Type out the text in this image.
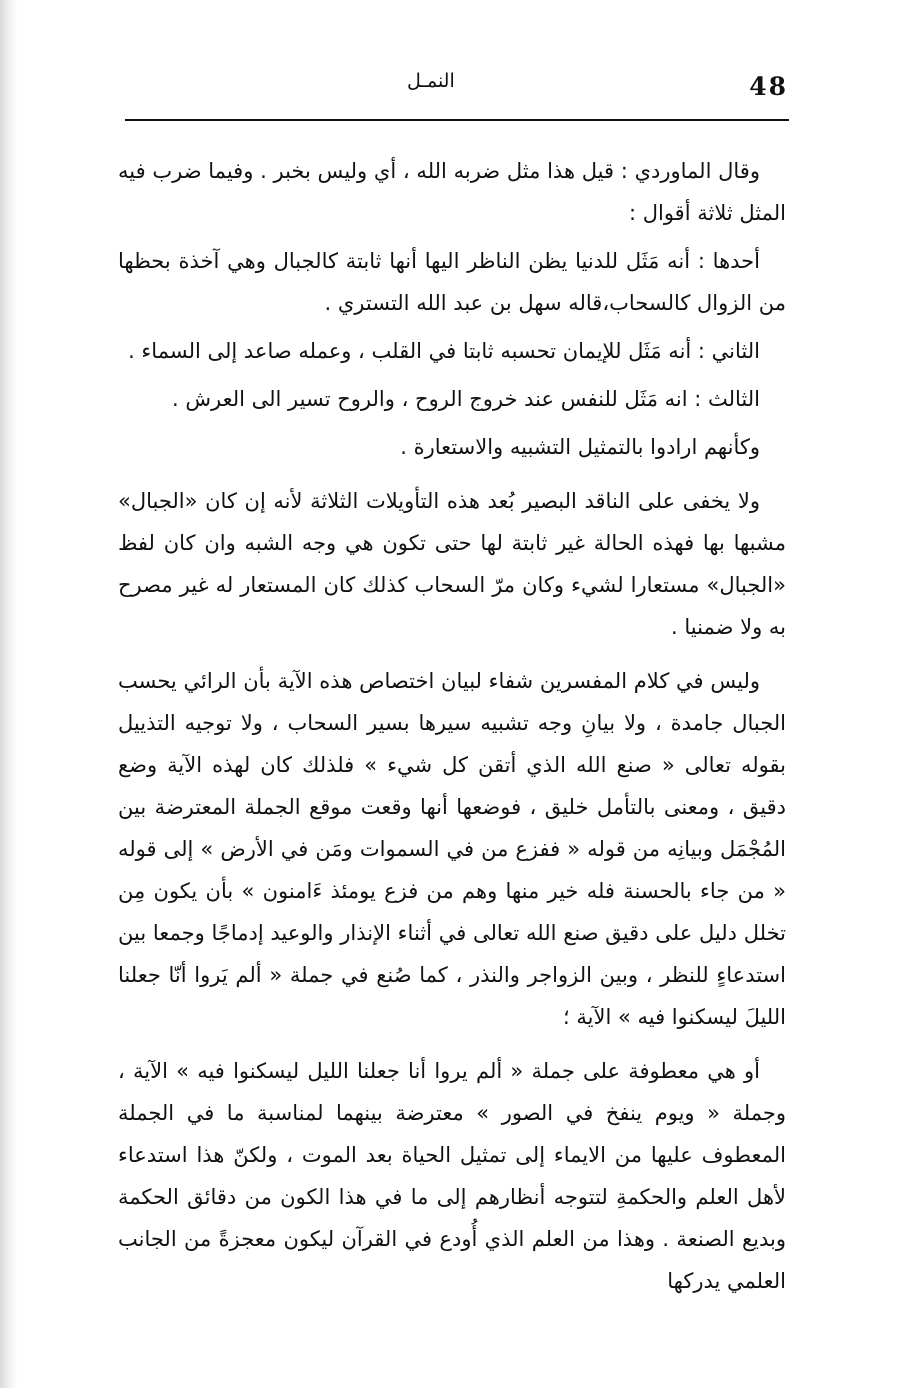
48
النمـل

وقال الماوردي : قيل هذا مثل ضربه الله ، أي وليس بخبر . وفيما ضرب فيه المثل ثلاثة أقوال :

أحدها : أنه مَثَل للدنيا يظن الناظر اليها أنها ثابتة كالجبال وهي آخذة بحظها من الزوال كالسحاب،قاله سهل بن عبد الله التستري .

الثاني : أنه مَثَل للإيمان تحسبه ثابتا في القلب ، وعمله صاعد إلى السماء .

الثالث : انه مَثَل للنفس عند خروج الروح ، والروح تسير الى العرش .

وكأنهم ارادوا بالتمثيل التشبيه والاستعارة .

ولا يخفى على الناقد البصير بُعد هذه التأويلات الثلاثة لأنه إن كان «الجبال» مشبها بها فهذه الحالة غير ثابتة لها حتى تكون هي وجه الشبه وان كان لفظ «الجبال» مستعارا لشيء وكان مرّ السحاب كذلك كان المستعار له غير مصرح به ولا ضمنيا .

وليس في كلام المفسرين شفاء لبيان اختصاص هذه الآية بأن الرائي يحسب الجبال جامدة ، ولا بيانِ وجه تشبيه سيرها بسير السحاب ، ولا توجيه التذييل بقوله تعالى « صنع الله الذي أتقن كل شيء » فلذلك كان لهذه الآية وضع دقيق ، ومعنى بالتأمل خليق ، فوضعها أنها وقعت موقع الجملة المعترضة بين المُجْمَل وبيانِه من قوله « ففزع من في السموات ومَن في الأرض » إلى قوله « من جاء بالحسنة فله خير منها وهم من فزع يومئذ ءَامنون » بأن يكون مِن تخلل دليل على دقيق صنع الله تعالى في أثناء الإنذار والوعيد إدماجًا وجمعا بين استدعاءٍ للنظر ، وبين الزواجر والنذر ، كما صُنع في جملة « ألم يَروا أنّا جعلنا الليلَ ليسكنوا فيه » الآية ؛

أو هي معطوفة على جملة « ألم يروا أنا جعلنا الليل ليسكنوا فيه » الآية ، وجملة « ويوم ينفخ في الصور » معترضة بينهما لمناسبة ما في الجملة المعطوف عليها من الايماء إلى تمثيل الحياة بعد الموت ، ولكنّ هذا استدعاء لأهل العلم والحكمةِ لتتوجه أنظارهم إلى ما في هذا الكون من دقائق الحكمة وبديع الصنعة . وهذا من العلم الذي أُودع في القرآن ليكون معجزةً من الجانب العلمي يدركها
